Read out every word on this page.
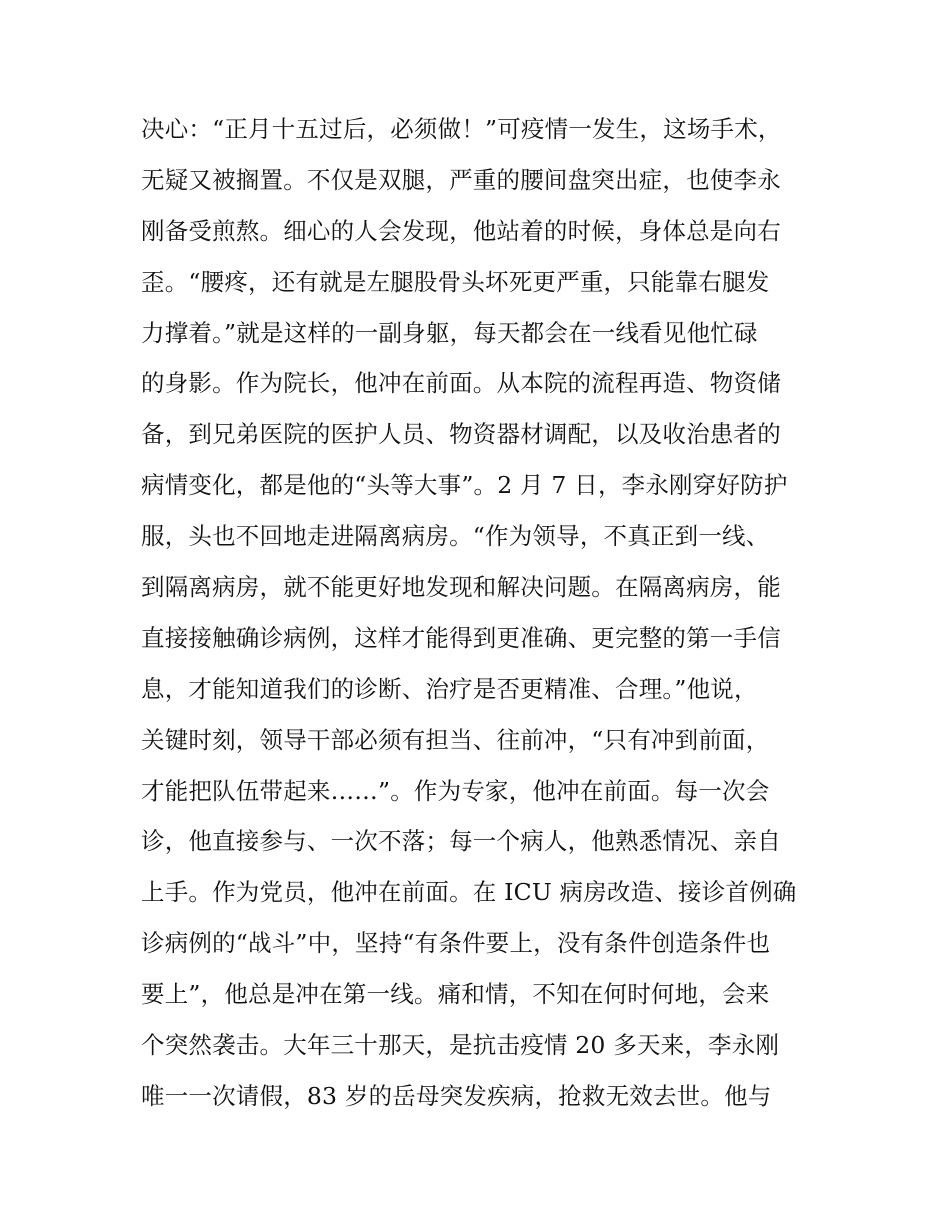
决心：“正月十五过后，必须做！”可疫情一发生，这场手术，
无疑又被搁置。不仅是双腿，严重的腰间盘突出症，也使李永
刚备受煎熬。细心的人会发现，他站着的时候，身体总是向右
歪。“腰疼，还有就是左腿股骨头坏死更严重，只能靠右腿发
力撑着。”就是这样的一副身躯，每天都会在一线看见他忙碌
的身影。作为院长，他冲在前面。从本院的流程再造、物资储
备，到兄弟医院的医护人员、物资器材调配，以及收治患者的
病情变化，都是他的“头等大事”。2 月 7 日，李永刚穿好防护
服，头也不回地走进隔离病房。“作为领导，不真正到一线、
到隔离病房，就不能更好地发现和解决问题。在隔离病房，能
直接接触确诊病例，这样才能得到更准确、更完整的第一手信
息，才能知道我们的诊断、治疗是否更精准、合理。”他说，
关键时刻，领导干部必须有担当、往前冲，“只有冲到前面，
才能把队伍带起来……”。作为专家，他冲在前面。每一次会
诊，他直接参与、一次不落；每一个病人，他熟悉情况、亲自
上手。作为党员，他冲在前面。在 ICU 病房改造、接诊首例确
诊病例的“战斗”中，坚持“有条件要上，没有条件创造条件也
要上”，他总是冲在第一线。痛和情，不知在何时何地，会来
个突然袭击。大年三十那天，是抗击疫情 20 多天来，李永刚
唯一一次请假，83 岁的岳母突发疾病，抢救无效去世。他与
